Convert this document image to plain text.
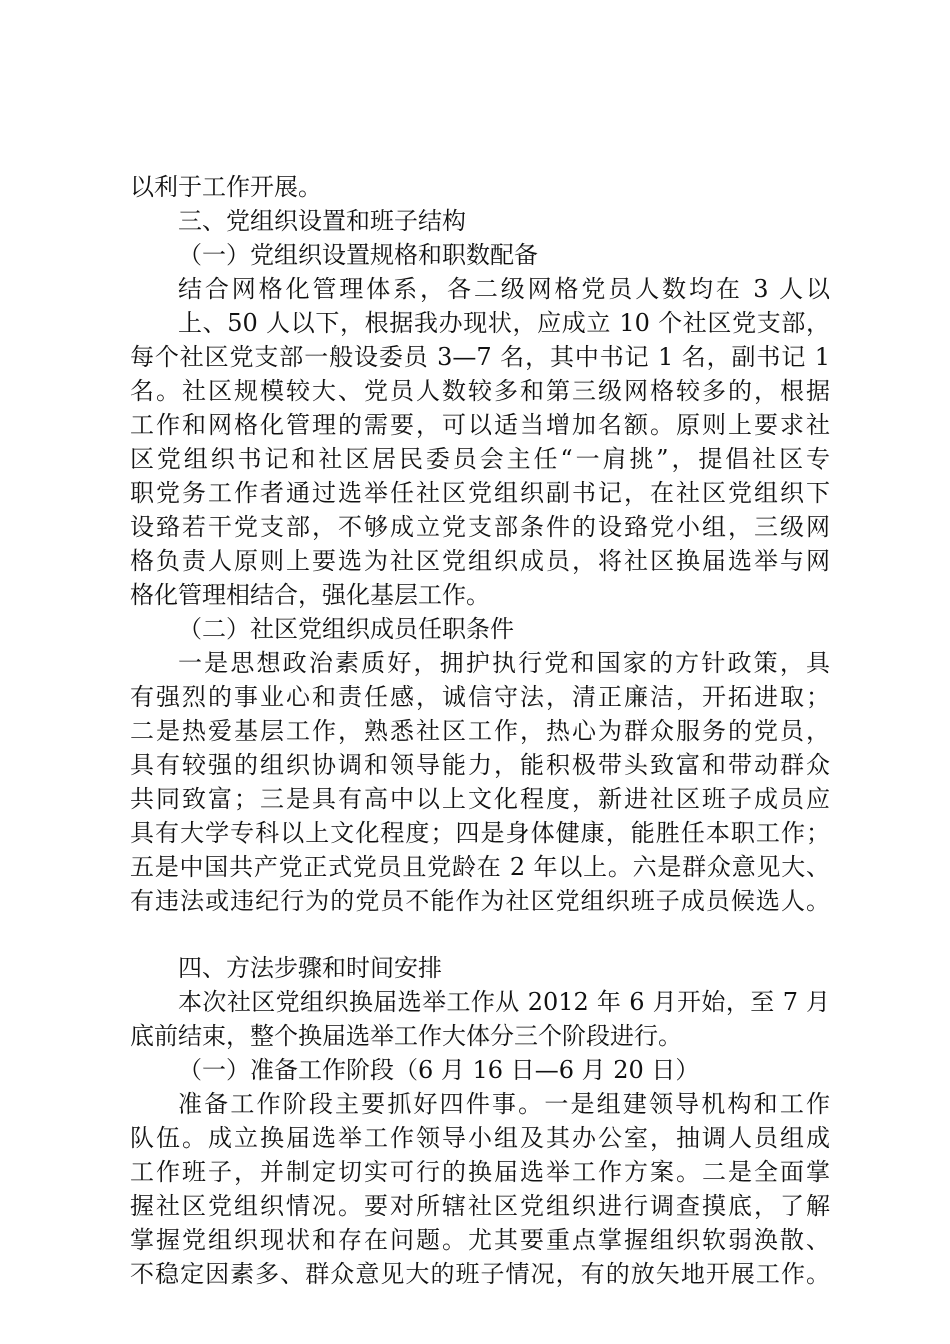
以利于工作开展。

三、党组织设置和班子结构

（一）党组织设置规格和职数配备

结合网格化管理体系，各二级网格党员人数均在 3 人以

上、50 人以下，根据我办现状，应成立 10 个社区党支部，

每个社区党支部一般设委员 3—7 名，其中书记 1 名，副书记 1

名。社区规模较大、党员人数较多和第三级网格较多的，根据

工作和网格化管理的需要，可以适当增加名额。原则上要求社

区党组织书记和社区居民委员会主任“一肩挑”，提倡社区专

职党务工作者通过选举任社区党组织副书记，在社区党组织下

设臵若干党支部，不够成立党支部条件的设臵党小组，三级网

格负责人原则上要选为社区党组织成员，将社区换届选举与网

格化管理相结合，强化基层工作。

（二）社区党组织成员任职条件

一是思想政治素质好，拥护执行党和国家的方针政策，具

有强烈的事业心和责任感，诚信守法，清正廉洁，开拓进取；

二是热爱基层工作，熟悉社区工作，热心为群众服务的党员，

具有较强的组织协调和领导能力，能积极带头致富和带动群众

共同致富；三是具有高中以上文化程度，新进社区班子成员应

具有大学专科以上文化程度；四是身体健康，能胜任本职工作；

五是中国共产党正式党员且党龄在 2 年以上。六是群众意见大、

有违法或违纪行为的党员不能作为社区党组织班子成员候选人。

四、方法步骤和时间安排

本次社区党组织换届选举工作从 2012 年 6 月开始，至 7 月

底前结束，整个换届选举工作大体分三个阶段进行。

（一）准备工作阶段（6 月 16 日—6 月 20 日）

准备工作阶段主要抓好四件事。一是组建领导机构和工作

队伍。成立换届选举工作领导小组及其办公室，抽调人员组成

工作班子，并制定切实可行的换届选举工作方案。二是全面掌

握社区党组织情况。要对所辖社区党组织进行调查摸底，了解

掌握党组织现状和存在问题。尤其要重点掌握组织软弱涣散、

不稳定因素多、群众意见大的班子情况，有的放矢地开展工作。
